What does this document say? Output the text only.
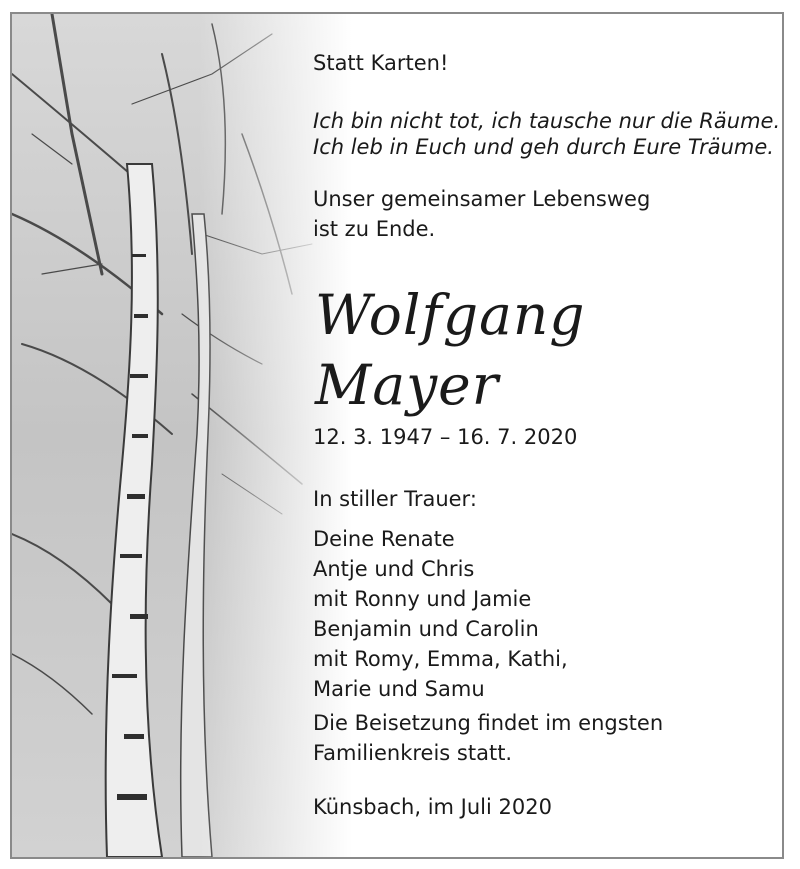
Statt Karten!
Ich bin nicht tot, ich tausche nur die Räume.
Ich leb in Euch und geh durch Eure Träume.
Unser gemeinsamer Lebensweg
ist zu Ende.
Wolfgang
Mayer
12. 3. 1947 – 16. 7. 2020
In stiller Trauer:
Deine Renate
Antje und Chris
mit Ronny und Jamie
Benjamin und Carolin
mit Romy, Emma, Kathi,
Marie und Samu
Die Beisetzung findet im engsten
Familienkreis statt.
Künsbach, im Juli 2020
